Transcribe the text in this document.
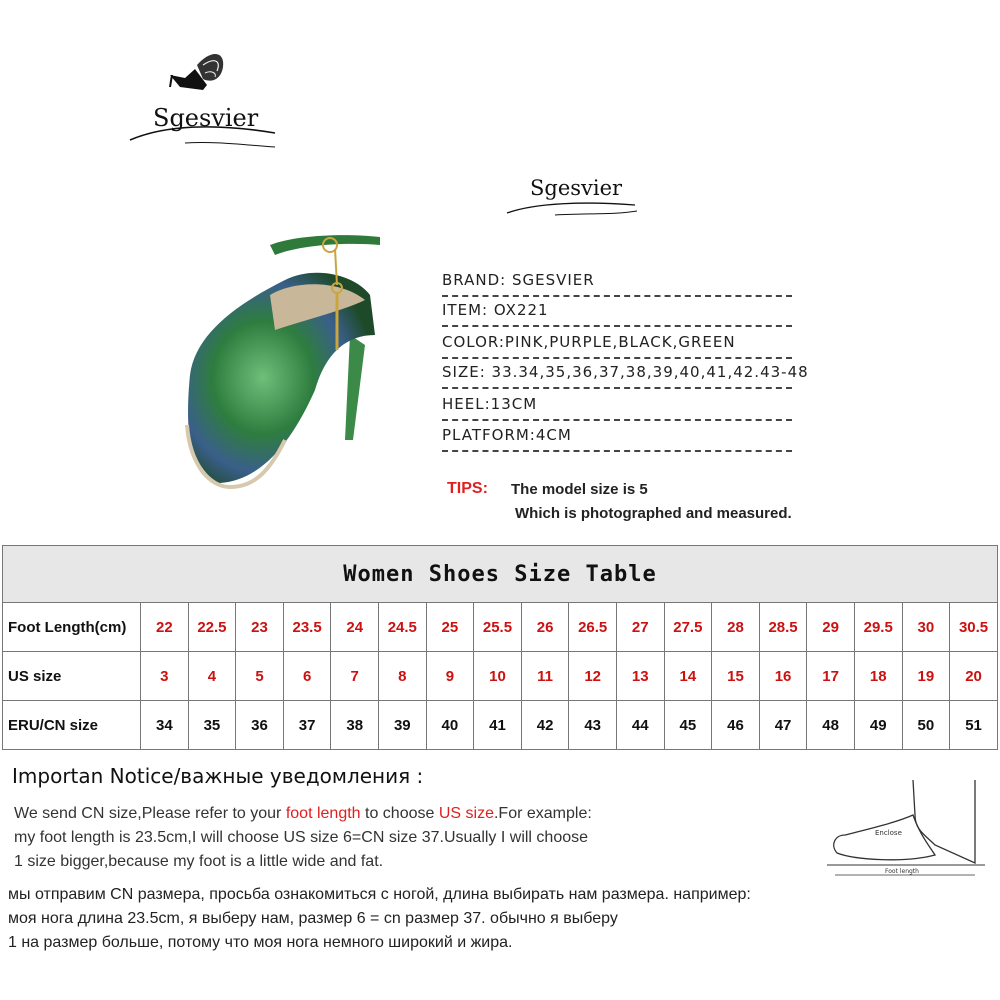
Sgesvier
Sgesvier
BRAND: SGESVIER
ITEM: OX221
COLOR:PINK,PURPLE,BLACK,GREEN
SIZE: 33.34,35,36,37,38,39,40,41,42.43-48
HEEL:13CM
PLATFORM:4CM
TIPS: The model size is 5
Which is photographed and measured.
Women Shoes Size Table																		
Foot Length(cm)	22	22.5	23	23.5	24	24.5	25	25.5	26	26.5	27	27.5	28	28.5	29	29.5	30	30.5
US size	3	4	5	6	7	8	9	10	11	12	13	14	15	16	17	18	19	20
ERU/CN size	34	35	36	37	38	39	40	41	42	43	44	45	46	47	48	49	50	51
Importan Notice/важные уведомления :
We send CN size,Please refer to your foot length to choose US size.For example:
my foot length is 23.5cm,I will choose US size 6=CN size 37.Usually I will choose
1 size bigger,because my foot is a little wide and fat.
мы отправим CN размера, просьба ознакомиться с ногой, длина выбирать нам размера. например:
моя нога длина 23.5cm, я выберу нам, размер 6 = cn размер 37. обычно я выберу
1 на размер больше, потому что моя нога немного широкий и жира.
Enclose
Foot length
